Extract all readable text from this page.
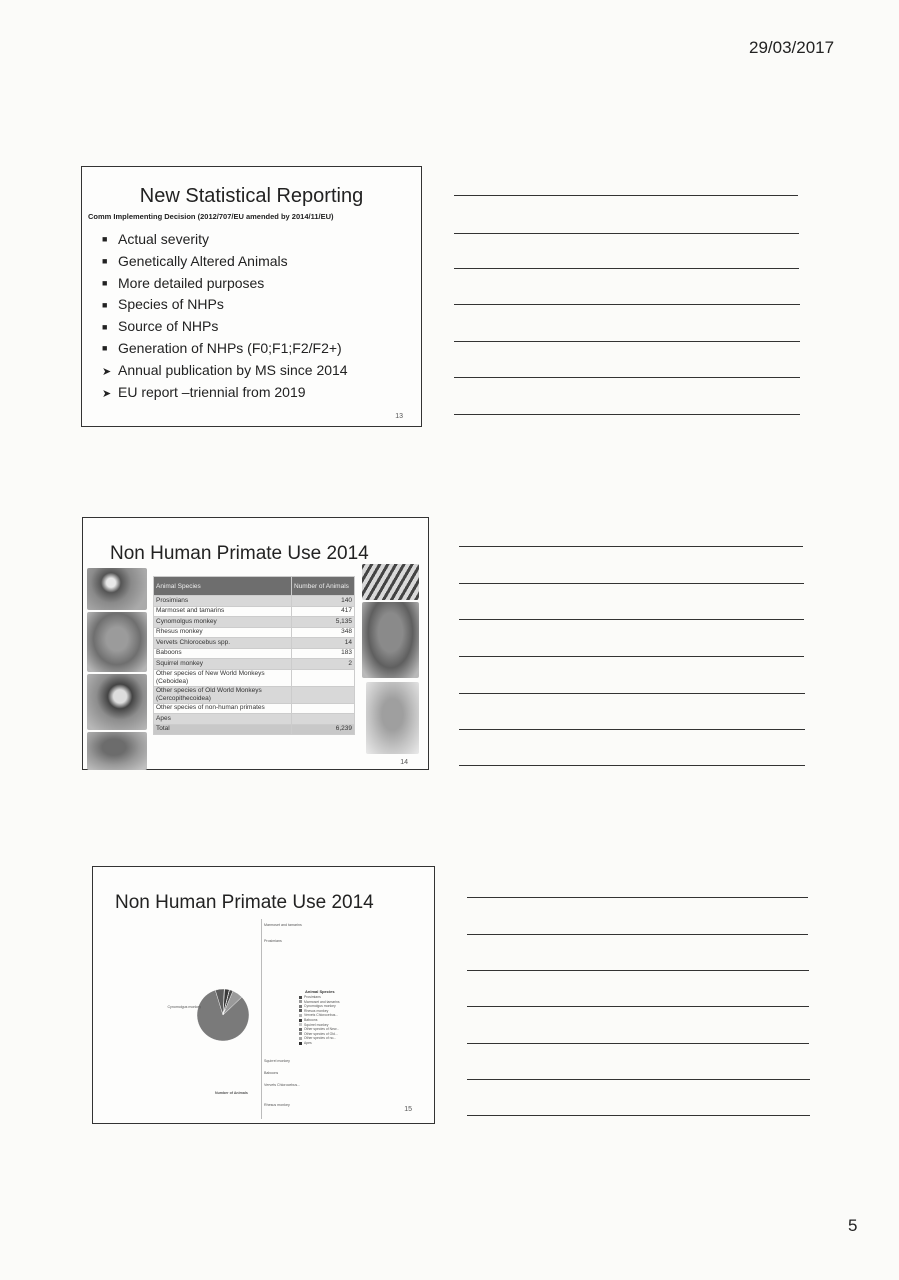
29/03/2017
New Statistical Reporting
Comm Implementing Decision (2012/707/EU amended by 2014/11/EU)
■ Actual severity
■ Genetically Altered Animals
■ More detailed purposes
■ Species of NHPs
■ Source of NHPs
■ Generation of NHPs (F0;F1;F2/F2+)
➤ Annual publication by MS since 2014
➤ EU report –triennial from 2019
13
Non Human Primate Use 2014
Animal Species	Number of Animals
Prosimians	140
Marmoset and tamarins	417
Cynomolgus monkey	5,135
Rhesus monkey	348
Vervets Chlorocebus spp.	14
Baboons	183
Squirrel monkey	2
Other species of New World Monkeys (Ceboidea)	
Other species of Old World Monkeys (Cercopithecoidea)	
Other species of non-human primates	
Apes	
Total	6,239
14
Non Human Primate Use 2014
Cynomolgus monkey
Marmoset and tamarins
Prosimians
Squirrel monkey
Baboons
Vervets Chlorocebus...
Rhesus monkey
Number of Animals
Animal Species
Prosimians
Marmoset and tamarins
Cynomolgus monkey
Rhesus monkey
Vervets Chlorocebus...
Baboons
Squirrel monkey
Other species of New...
Other species of Old...
Other species of no...
Apes
15
5
